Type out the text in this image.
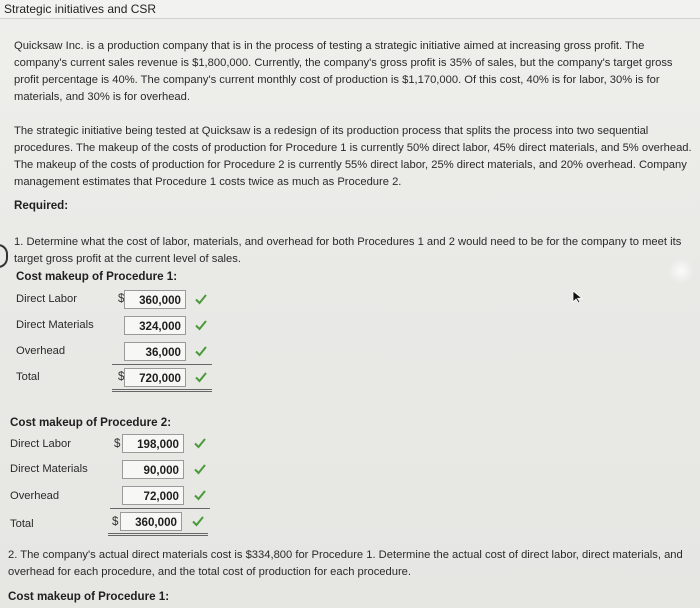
Strategic initiatives and CSR

Quicksaw Inc. is a production company that is in the process of testing a strategic initiative aimed at increasing gross profit. The company's current sales revenue is $1,800,000. Currently, the company's gross profit is 35% of sales, but the company's target gross profit percentage is 40%. The company's current monthly cost of production is $1,170,000. Of this cost, 40% is for labor, 30% is for materials, and 30% is for overhead.

The strategic initiative being tested at Quicksaw is a redesign of its production process that splits the process into two sequential procedures. The makeup of the costs of production for Procedure 1 is currently 50% direct labor, 45% direct materials, and 5% overhead. The makeup of the costs of production for Procedure 2 is currently 55% direct labor, 25% direct materials, and 20% overhead. Company management estimates that Procedure 1 costs twice as much as Procedure 2.

Required:

1. Determine what the cost of labor, materials, and overhead for both Procedures 1 and 2 would need to be for the company to meet its target gross profit at the current level of sales.

Cost makeup of Procedure 1:
Direct Labor	$	360,000
Direct Materials	324,000
Overhead	36,000
Total	$	720,000
Cost makeup of Procedure 2:
Direct Labor	$	198,000
Direct Materials	90,000
Overhead	72,000
Total	$	360,000

2. The company's actual direct materials cost is $334,800 for Procedure 1. Determine the actual cost of direct labor, direct materials, and overhead for each procedure, and the total cost of production for each procedure.

Cost makeup of Procedure 1:
